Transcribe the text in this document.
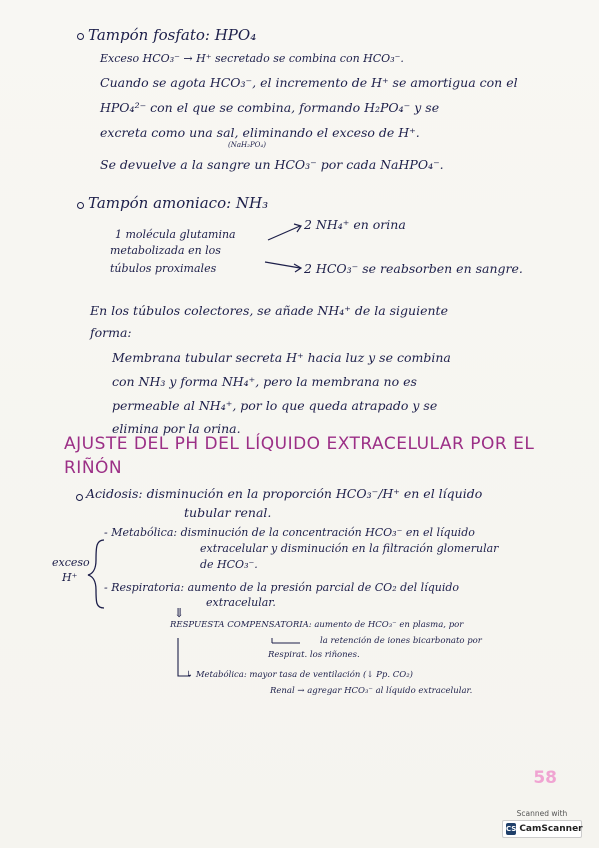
Tampón fosfato: HPO₄
Exceso HCO₃⁻ → H⁺ secretado se combina con HCO₃⁻.
Cuando se agota HCO₃⁻, el incremento de H⁺ se amortigua con el
HPO₄²⁻ con el que se combina, formando H₂PO₄⁻ y se
excreta como una sal, eliminando el exceso de H⁺.
(NaH₂PO₄)
Se devuelve a la sangre un HCO₃⁻ por cada NaHPO₄⁻.
Tampón amoniaco: NH₃
1 molécula glutamina
metabolizada en los
túbulos proximales
2 NH₄⁺ en orina
2 HCO₃⁻ se reabsorben en sangre.
En los túbulos colectores, se añade NH₄⁺ de la siguiente
forma:
Membrana tubular secreta H⁺ hacia luz y se combina
con NH₃ y forma NH₄⁺, pero la membrana no es
permeable al NH₄⁺, por lo que queda atrapado y se
elimina por la orina.
AJUSTE DEL PH DEL LÍQUIDO EXTRACELULAR POR EL
RIÑÓN
Acidosis: disminución en la proporción HCO₃⁻/H⁺ en el líquido
tubular renal.
exceso
H⁺
- Metabólica: disminución de la concentración HCO₃⁻ en el líquido
extracelular y disminución en la filtración glomerular
de HCO₃⁻.
- Respiratoria: aumento de la presión parcial de CO₂ del líquido
extracelular.
⇓
RESPUESTA COMPENSATORIA: aumento de HCO₃⁻ en plasma, por
la retención de iones bicarbonato por
Respirat. los riñones.
↳ Metabólica: mayor tasa de ventilación (↓ Pp. CO₂)
Renal → agregar HCO₃⁻ al líquido extracelular.
58
Scanned with
CS CamScanner
